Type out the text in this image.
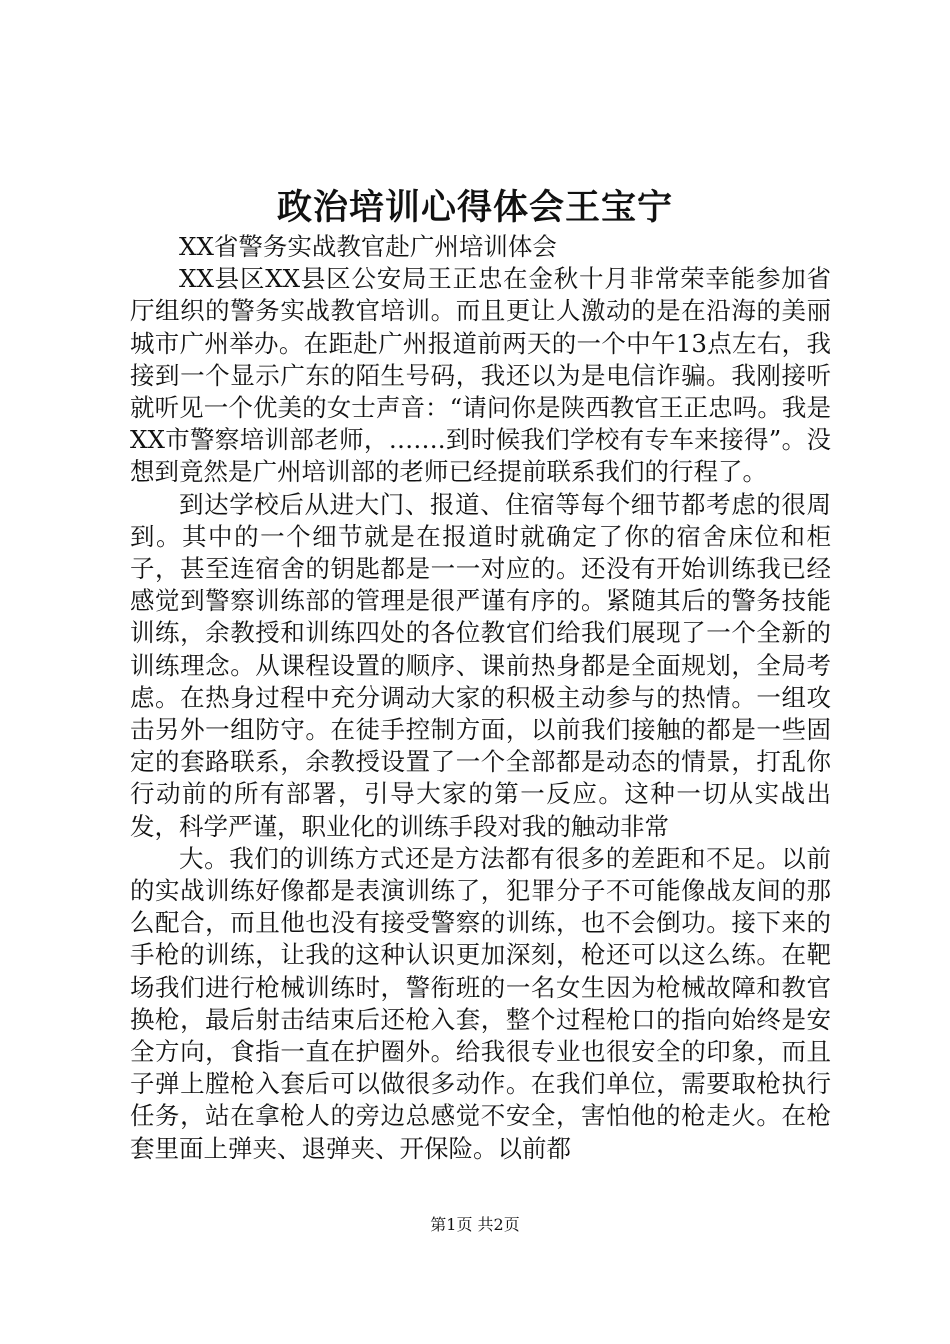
政治培训心得体会王宝宁

XX省警务实战教官赴广州培训体会

XX县区XX县区公安局王正忠在金秋十月非常荣幸能参加省厅组织的警务实战教官培训。而且更让人激动的是在沿海的美丽城市广州举办。在距赴广州报道前两天的一个中午13点左右，我接到一个显示广东的陌生号码，我还以为是电信诈骗。我刚接听就听见一个优美的女士声音：“请问你是陕西教官王正忠吗。我是XX市警察培训部老师，…….到时候我们学校有专车来接得”。没想到竟然是广州培训部的老师已经提前联系我们的行程了。

到达学校后从进大门、报道、住宿等每个细节都考虑的很周到。其中的一个细节就是在报道时就确定了你的宿舍床位和柜子，甚至连宿舍的钥匙都是一一对应的。还没有开始训练我已经感觉到警察训练部的管理是很严谨有序的。紧随其后的警务技能训练，余教授和训练四处的各位教官们给我们展现了一个全新的训练理念。从课程设置的顺序、课前热身都是全面规划，全局考虑。在热身过程中充分调动大家的积极主动参与的热情。一组攻击另外一组防守。在徒手控制方面，以前我们接触的都是一些固定的套路联系，余教授设置了一个全部都是动态的情景，打乱你行动前的所有部署，引导大家的第一反应。这种一切从实战出发，科学严谨，职业化的训练手段对我的触动非常

大。我们的训练方式还是方法都有很多的差距和不足。以前的实战训练好像都是表演训练了，犯罪分子不可能像战友间的那么配合，而且他也没有接受警察的训练，也不会倒功。接下来的手枪的训练，让我的这种认识更加深刻，枪还可以这么练。在靶场我们进行枪械训练时，警衔班的一名女生因为枪械故障和教官换枪，最后射击结束后还枪入套，整个过程枪口的指向始终是安全方向，食指一直在护圈外。给我很专业也很安全的印象，而且子弹上膛枪入套后可以做很多动作。在我们单位，需要取枪执行任务，站在拿枪人的旁边总感觉不安全，害怕他的枪走火。在枪套里面上弹夹、退弹夹、开保险。以前都

第1页 共2页
